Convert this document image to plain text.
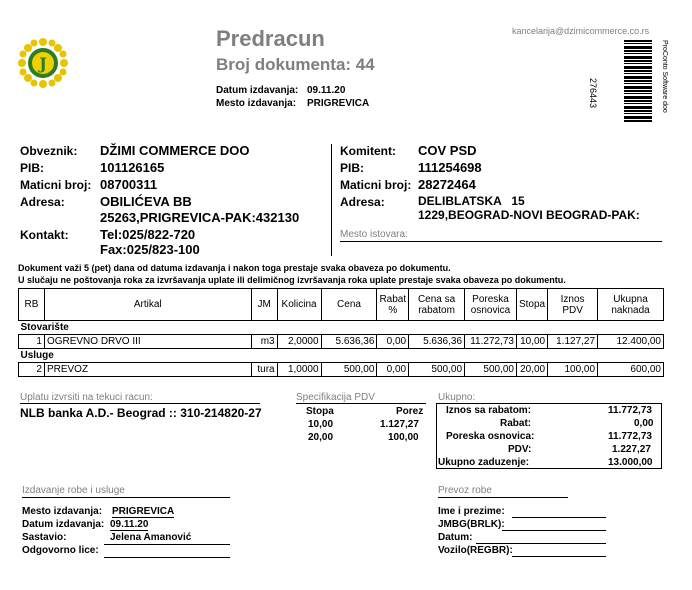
J
Predracun
Broj dokumenta: 44
Datum izdavanja: 09.11.20
Mesto izdavanja: PRIGREVICA
kancelarija@dzimicommerce.co.rs
276443	ProConto Software doo
Obveznik: DŽIMI COMMERCE DOO
PIB:	101126165
Maticni broj: 08700311
Adresa:	OBILIĆEVA BB
25263,PRIGREVICA-PAK:432130
Kontakt: Tel:025/822-720
Fax:025/823-100
Komitent: COV PSD
PIB:	111254698
Maticni broj: 28272464
Adresa:	DELIBLATSKA   15
1229,BEOGRAD-NOVI BEOGRAD-PAK:
Mesto istovara:
Dokument važi 5 (pet) dana od datuma izdavanja i nakon toga prestaje svaka obaveza po dokumentu.
U slučaju ne poštovanja roka za izvršavanja uplate ili delimičnog izvršavanja roka uplate prestaje svaka obaveza po dokumentu.
RB	Artikal	JM	Kolicina	Cena	Rabat %	Cena sa rabatom	Poreska osnovica	Stopa	Iznos PDV	Ukupna naknada
Stovarište										
1	OGREVNO DRVO III	m3	2,0000	5.636,36	0,00	5.636,36	11.272,73	10,00	1.127,27	12.400,00
Usluge										
2	PREVOZ	tura	1,0000	500,00	0,00	500,00	500,00	20,00	100,00	600,00
Uplatu izvrsiti na tekuci racun:
NLB banka A.D.- Beograd :: 310-214820-27
Specifikacija PDV
Stopa	Porez
10,00	1.127,27
20,00	100,00
Ukupno:
Iznos sa rabatom:	11.772,73
Rabat:	0,00
Poreska osnovica:	11.772,73
PDV:	1.227,27
Ukupno zaduzenje:	13.000,00
Izdavanje robe i usluge
Mesto izdavanja: PRIGREVICA
Datum izdavanja: 09.11.20
Sastavio:	Jelena Amanović
Odgovorno lice:
Prevoz robe
Ime i prezime:
JMBG(BRLK):
Datum:
Vozilo(REGBR):
